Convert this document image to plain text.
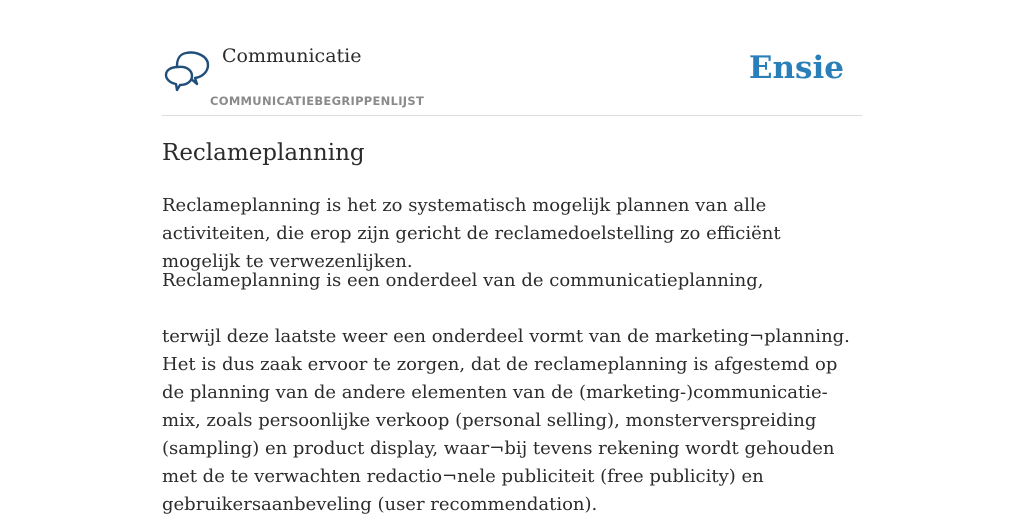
Communicatie
COMMUNICATIEBEGRIPPENLIJST
Ensie
Reclameplanning

Reclameplanning is het zo systematisch mogelijk plannen van alle activiteiten, die erop zijn gericht de reclamedoelstelling zo efficiënt mogelijk te verwezenlijken.

Reclameplanning is een onderdeel van de communicatieplanning,

terwijl deze laatste weer een onderdeel vormt van de marketing¬planning. Het is dus zaak ervoor te zorgen, dat de reclameplanning is afgestemd op de planning van de andere elementen van de (marketing-)communicatie-mix, zoals persoonlijke verkoop (personal selling), monsterverspreiding (sampling) en product display, waar¬bij tevens rekening wordt gehouden met de te verwachten redactio¬nele publiciteit (free publicity) en gebruikersaanbeveling (user recommendation).
